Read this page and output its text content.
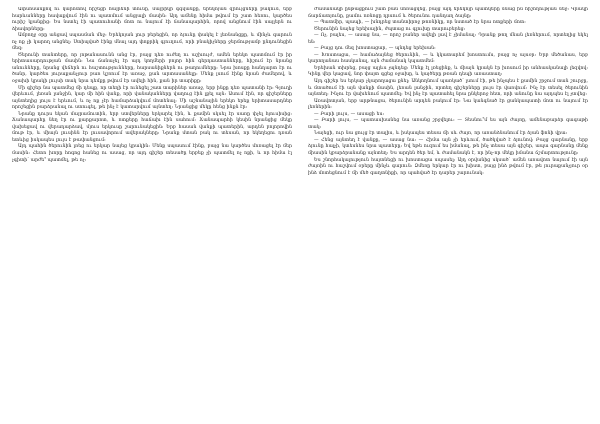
Ափսոսանքով ու կարոտով հիշեցի հայրենի տունը, մայրիկի գգվանքը, երեկոյան զրույցները բակում, երբ հարևանները հավաքվում էին ու պատմում անցյալի մասին։ Այդ ամենը հիմա թվում էր շատ հեռու, կարծես ուրիշ կյանքից։ Ես նստել էի պատուհանի մոտ ու նայում էի ճանապարհին, որով անցնում էին սայլերն ու ձիավորները։

Ամբողջ օրը անցավ սպասման մեջ։ Երեկոյան լուր բերեցին, որ ձյունը փակել է լեռնանցքը, և մինչև գարուն ոչ ոք չի կարող անցնել։ Ստիպված էինք մնալ այդ փոքրիկ գյուղում, որի բնակիչները ջերմությամբ ընդունեցին մեզ։

Ծերունի տանտերը, որ յոթանասունն անց էր, բայց դեռ ուժեղ ու աշխույժ, ամեն երեկո պատմում էր իր երիտասարդության մասին։ Նա ճանաչել էր այդ կողմերի բոլոր հին գերդաստանները, հիշում էր նրանց անունները, նրանց վեճերն ու հաշտությունները, հարսանիքներն ու թաղումները։ Նրա խոսքը հանդարտ էր ու ծանր, կարծես յուրաքանչյուր բառ կշռում էր առաջ, քան արտասանելը։ Մենք լսում էինք նրան ժամերով, և օջախի կրակի լույսի տակ նրա դեմքը թվում էր ավելի հին, քան իր տարիքը։

Մի գիշեր նա պատմեց մի դեպք, որ տեղի էր ունեցել շատ տարիներ առաջ, երբ ինքը դեռ պատանի էր։ Գյուղի վերևում, լեռան լանջին, կար մի հին վանք, որի վանականները վաղուց էին լքել այն։ Ասում էին, որ գիշերները այնտեղից լույս է երևում, և ոչ ոք չէր համարձակվում մոտենալ։ Մի աշնանային երեկո երեք երիտասարդներ որոշեցին բարձրանալ ու ստուգել, թե ինչ է կատարվում այնտեղ։ Նրանցից մեկը հենց ինքն էր։

Նրանք դուրս եկան մայրամուտին, երբ ստվերները երկարել էին, և քամին սկսել էր սառը փչել հյուսիսից։ Ճանապարհը նեղ էր ու քարքարոտ, և ոտքերը հաճախ էին սահում։ Ճանապարհի կեսին նրանցից մեկը վախեցավ ու վերադարձավ, մյուս երկուսը շարունակեցին։ Երբ հասան վանքի պատերին, արդեն բոլորովին մութ էր, և միայն լուսինն էր լուսավորում ավերակները։ Նրանք մտան բակ ու տեսան, որ եկեղեցու դռան ետևից իսկապես լույս է թափանցում։

Այդ պահին ծերունին լռեց ու երկար նայեց կրակին։ Մենք սպասում էինք, բայց նա կարծես մոռացել էր մեր մասին։ Հետո խորը հոգոց հանեց ու ասաց, որ այդ գիշեր տեսածը երբեք չի պատմել ոչ ոքի, և որ հիմա էլ չգիտի՝ արժե՞ պատմել, թե ոչ։

Ժամանակի ընթացքում շատ բան մոռացվեց, բայց այդ երեկոյի պատկերը մնաց իմ հիշողության մեջ։ Կրակի ճարճատյունը, քամու ոռնոցը դրսում և ծերունու դանդաղ ձայնը։

— Պատմիր, պապի, — խնդրեց տանտիրոջ թոռնիկը, որ նստած էր նրա ոտքերի մոտ։

Ծերունին նայեց երեխային, ժպտաց ու գլուխը տարուբերեց։

— Ոչ, բալես, — ասաց նա, — որոշ բաներ ավելի լավ է չիմանալ։ Դրանք թող մնան լեռներում, որտեղից եկել են։

— Բայց դու մեզ խոստացար, — պնդեց երեխան։

— Խոստացա, — համաձայնեց ծերունին, — և կկատարեմ խոստումս, բայց ոչ այսօր։ Երբ մեծանաս, երբ կարողանաս հասկանալ, այն ժամանակ կպատմեմ։

Երեխան տխրեց, բայց այլևս չպնդեց։ Մենք էլ լռեցինք, և միայն կրակն էր խոսում իր անհասկանալի լեզվով։ Կինը վեր կացավ, նոր փայտ գցեց օջախը, և կայծերը թռան դեպի առաստաղ։

Այդ գիշեր ես երկար չկարողացա քնել։ Անկողնում պառկած՝ լսում էի, թե ինչպես է քամին շրջում տան շուրջը, և մտածում էի այն վանքի մասին, լեռան լանջին, որտեղ գիշերները լույս էր վառվում։ Ինչ էր տեսել ծերունին այնտեղ։ Ինչու էր վախենում պատմել։ Եվ ինչ էր պատահել նրա ընկերոջ հետ, որի անունը նա այդպես էլ չտվեց։

Առավոտյան, երբ արթնացա, ծերունին արդեն բակում էր։ Նա կանգնած էր ցանկապատի մոտ ու նայում էր լեռներին։

— Բարի լույս, — ասացի ես։

— Բարի լույս, — պատասխանեց նա առանց շրջվելու։ — Տեսնու՞մ ես այն ժայռը, ամենաբարձր գագաթի տակ։

Նայեցի, ուր նա ցույց էր տալիս, և իսկապես տեսա մի սև ժայռ, որ առանձնանում էր ձյան ֆոնի վրա։

— Հենց այնտեղ է վանքը, — ասաց նա։ — Հիմա այն չի երևում, ծածկված է ձյունով։ Բայց գարնանը, երբ ձյունը հալչի, կտեսնես նրա պատերը։ Եվ եթե ուզում ես իմանալ, թե ինչ տեսա այն գիշեր, ապա գարնանը մենք միասին կբարձրանանք այնտեղ։ Ես արդեն ծեր եմ, և ժամանակն է, որ ինչ-որ մեկը իմանա ճշմարտությունը։

Ես շնորհակալություն հայտնեցի ու խոստացա սպասել։ Այդ օրվանից սկսած՝ ամեն առավոտ նայում էի այն ժայռին ու հաշվում օրերը մինչև գարուն։ Ձմեռը երկար էր ու խիստ, բայց ինձ թվում էր, թե յուրաքանչյուր օր ինձ մոտեցնում է մի մեծ գաղտնիքի, որ պահված էր դարեր շարունակ։
